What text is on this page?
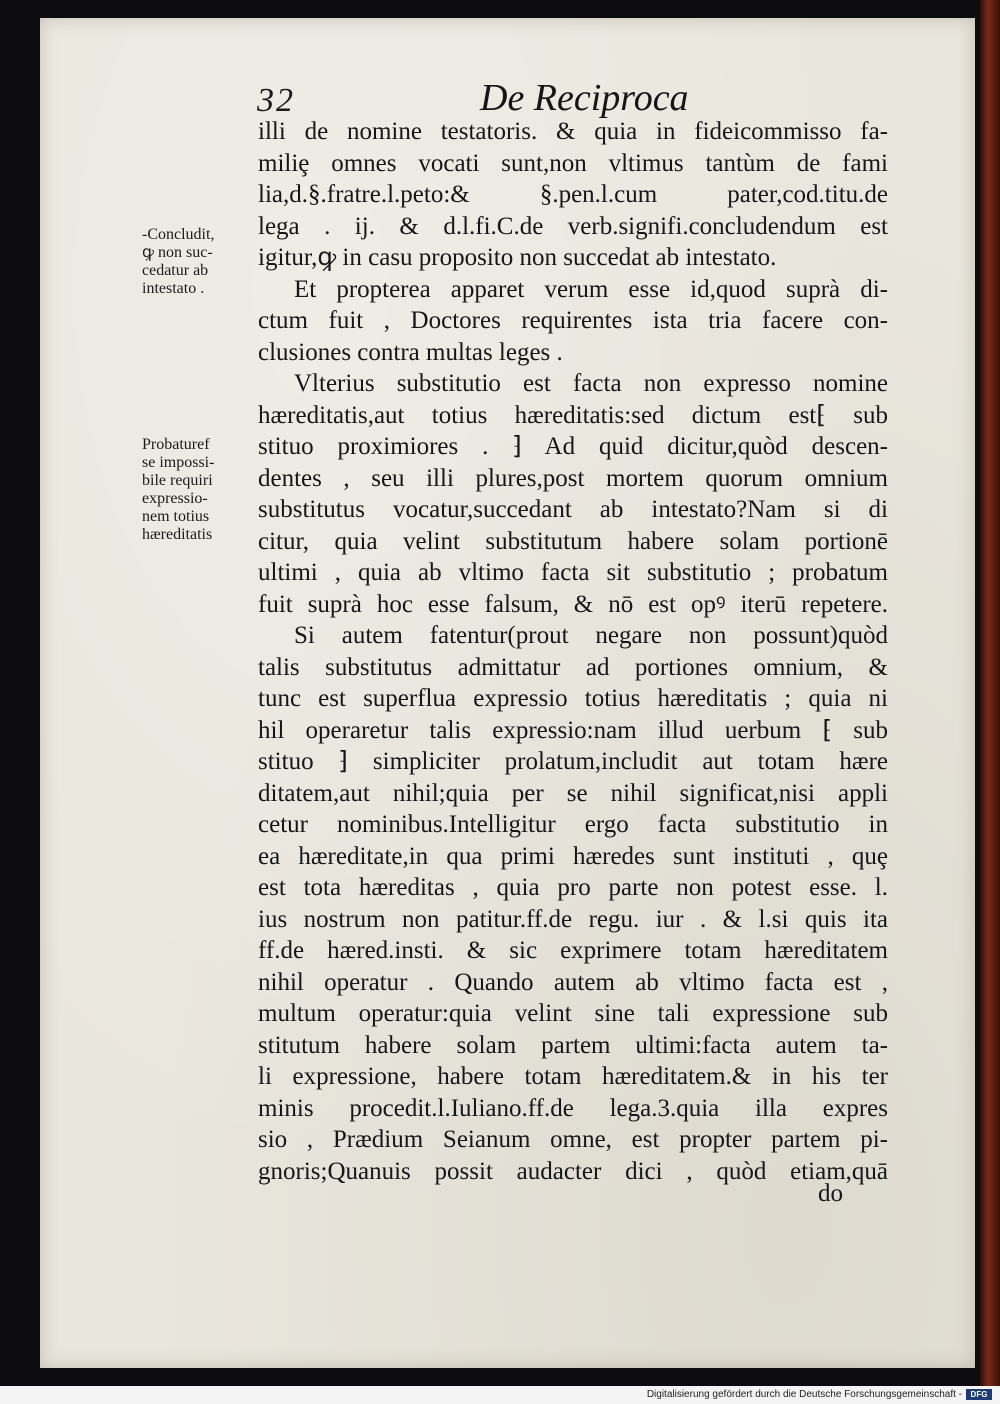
32	De Reciproca
illi de nomine testatoris. & quia in fideicommisso fa-
miliȩ omnes vocati sunt,non vltimus tantùm de fami
lia,d.§.fratre.l.peto:& §.pen.l.cum pater,cod.titu.de
lega . ij. & d.l.fi.C.de verb.signifi.concludendum est
igitur,ꝙ in casu proposito non succedat ab intestato.
Et propterea apparet verum esse id,quod suprà di-
ctum fuit , Doctores requirentes ista tria facere con-
clusiones contra multas leges .
Vlterius substitutio est facta non expresso nomine
hæreditatis,aut totius hæreditatis:sed dictum est⁅ sub
stituo proximiores . ⁆ Ad quid dicitur,quòd descen-
dentes , seu illi plures,post mortem quorum omnium
substitutus vocatur,succedant ab intestato?Nam si di
citur, quia velint substitutum habere solam portionē
ultimi , quia ab vltimo facta sit substitutio ; probatum
fuit suprà hoc esse falsum, & nō est opꝰ iterū repetere.
Si autem fatentur(prout negare non possunt)quòd
talis substitutus admittatur ad portiones omnium, &
tunc est superflua expressio totius hæreditatis ; quia ni
hil operaretur talis expressio:nam illud uerbum ⁅ sub
stituo ⁆ simpliciter prolatum,includit aut totam hære
ditatem,aut nihil;quia per se nihil significat,nisi appli
cetur nominibus.Intelligitur ergo facta substitutio in
ea hæreditate,in qua primi hæredes sunt instituti , quȩ
est tota hæreditas , quia pro parte non potest esse. l.
ius nostrum non patitur.ff.de regu. iur . & l.si quis ita
ff.de hæred.insti. & sic exprimere totam hæreditatem
nihil operatur . Quando autem ab vltimo facta est ,
multum operatur:quia velint sine tali expressione sub
stitutum habere solam partem ultimi:facta autem ta-
li expressione, habere totam hæreditatem.& in his ter
minis procedit.l.Iuliano.ff.de lega.3.quia illa expres
sio , Prædium Seianum omne, est propter partem pi-
gnoris;Quanuis possit audacter dici , quòd etiam,quā
do
-Concludit,
ꝙ non suc-
cedatur ab
intestato .
Probaturef
se impossi-
bile requiri
expressio-
nem totius
hæreditatis
Digitalisierung gefördert durch die Deutsche Forschungsgemeinschaft -	DFG
